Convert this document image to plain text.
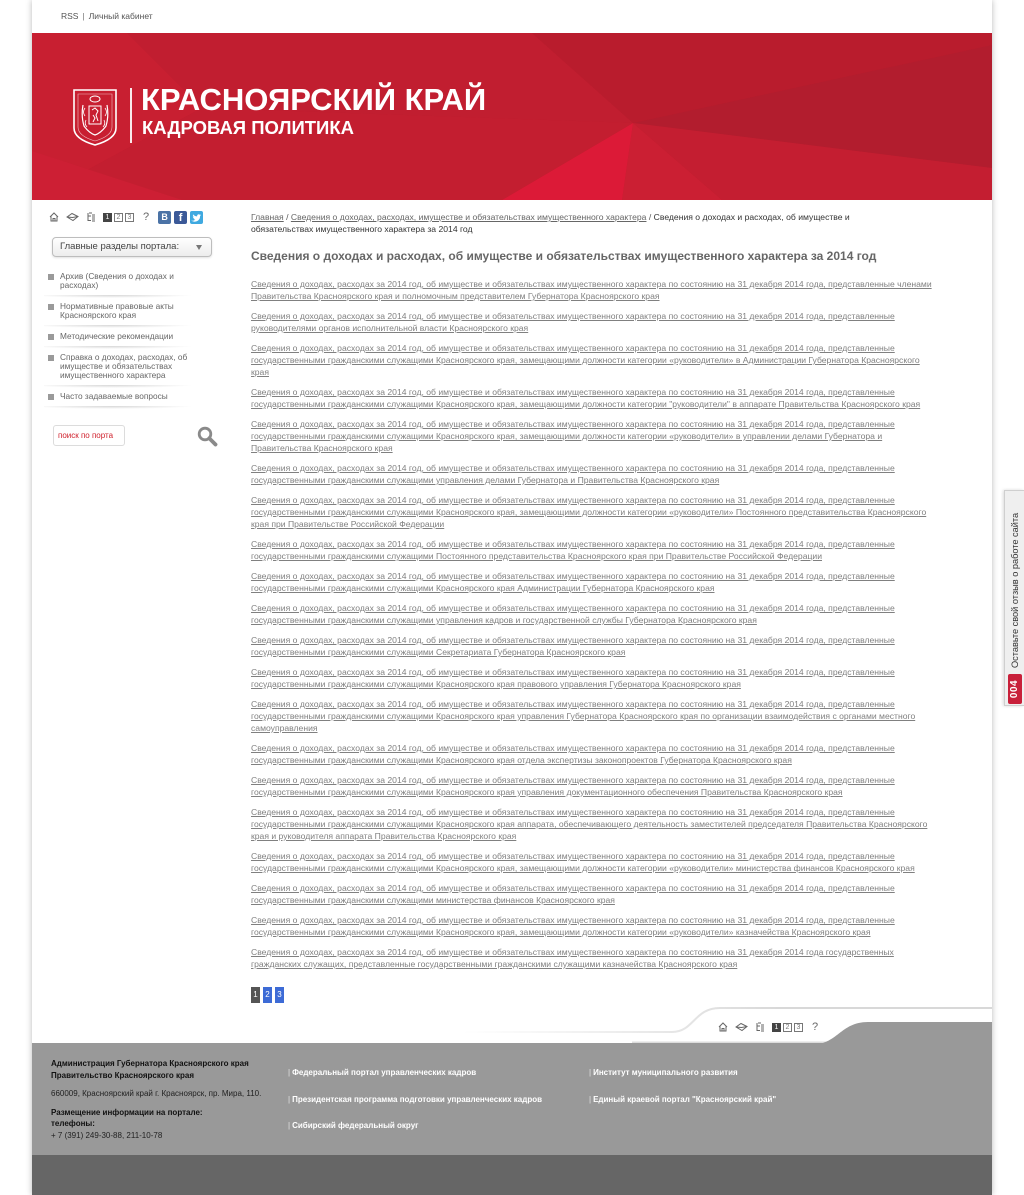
RSS | Личный кабинет
КРАСНОЯРСКИЙ КРАЙ
КАДРОВАЯ ПОЛИТИКА
1	2	3 ?	В f
Главные разделы портала:
Архив (Сведения о доходах и расходах)
Нормативные правовые акты Красноярского края
Методические рекомендации
Справка о доходах, расходах, об имуществе и обязательствах имущественного характера
Часто задаваемые вопросы
поиск по порта
Главная / Сведения о доходах, расходах, имуществе и обязательствах имущественного характера / Сведения о доходах и расходах, об имуществе и обязательствах имущественного характера за 2014 год
Сведения о доходах и расходах, об имуществе и обязательствах имущественного характера за 2014 год
Сведения о доходах, расходах за 2014 год, об имуществе и обязательствах имущественного характера по состоянию на 31 декабря 2014 года, представленные членами
Правительства Красноярского края и полномочным представителем Губернатора Красноярского края
Сведения о доходах, расходах за 2014 год, об имуществе и обязательствах имущественного характера по состоянию на 31 декабря 2014 года, представленные
руководителями органов исполнительной власти Красноярского края
Сведения о доходах, расходах за 2014 год, об имуществе и обязательствах имущественного характера по состоянию на 31 декабря 2014 года, представленные
государственными гражданскими служащими Красноярского края, замещающими должности категории «руководители» в Администрации Губернатора Красноярского
края
Сведения о доходах, расходах за 2014 год, об имуществе и обязательствах имущественного характера по состоянию на 31 декабря 2014 года, представленные
государственными гражданскими служащими Красноярского края, замещающими должности категории "руководители" в аппарате Правительства Красноярского края
Сведения о доходах, расходах за 2014 год, об имуществе и обязательствах имущественного характера по состоянию на 31 декабря 2014 года, представленные
государственными гражданскими служащими Красноярского края, замещающими должности категории «руководители» в управлении делами Губернатора и
Правительства Красноярского края
Сведения о доходах, расходах за 2014 год, об имуществе и обязательствах имущественного характера по состоянию на 31 декабря 2014 года, представленные
государственными гражданскими служащими управления делами Губернатора и Правительства Красноярского края
Сведения о доходах, расходах за 2014 год, об имуществе и обязательствах имущественного характера по состоянию на 31 декабря 2014 года, представленные
государственными гражданскими служащими Красноярского края, замещающими должности категории «руководители» Постоянного представительства Красноярского
края при Правительстве Российской Федерации
Сведения о доходах, расходах за 2014 год, об имуществе и обязательствах имущественного характера по состоянию на 31 декабря 2014 года, представленные
государственными гражданскими служащими Постоянного представительства Красноярского края при Правительстве Российской Федерации
Сведения о доходах, расходах за 2014 год, об имуществе и обязательствах имущественного характера по состоянию на 31 декабря 2014 года, представленные
государственными гражданскими служащими Красноярского края Администрации Губернатора Красноярского края
Сведения о доходах, расходах за 2014 год, об имуществе и обязательствах имущественного характера по состоянию на 31 декабря 2014 года, представленные
государственными гражданскими служащими управления кадров и государственной службы Губернатора Красноярского края
Сведения о доходах, расходах за 2014 год, об имуществе и обязательствах имущественного характера по состоянию на 31 декабря 2014 года, представленные
государственными гражданскими служащими Секретариата Губернатора Красноярского края
Сведения о доходах, расходах за 2014 год, об имуществе и обязательствах имущественного характера по состоянию на 31 декабря 2014 года, представленные
государственными гражданскими служащими Красноярского края правового управления Губернатора Красноярского края
Сведения о доходах, расходах за 2014 год, об имуществе и обязательствах имущественного характера по состоянию на 31 декабря 2014 года, представленные
государственными гражданскими служащими Красноярского края управления Губернатора Красноярского края по организации взаимодействия с органами местного
самоуправления
Сведения о доходах, расходах за 2014 год, об имуществе и обязательствах имущественного характера по состоянию на 31 декабря 2014 года, представленные
государственными гражданскими служащими Красноярского края отдела экспертизы законопроектов Губернатора Красноярского края
Сведения о доходах, расходах за 2014 год, об имуществе и обязательствах имущественного характера по состоянию на 31 декабря 2014 года, представленные
государственными гражданскими служащими Красноярского края управления документационного обеспечения Правительства Красноярского края
Сведения о доходах, расходах за 2014 год, об имуществе и обязательствах имущественного характера по состоянию на 31 декабря 2014 года, представленные
государственными гражданскими служащими Красноярского края аппарата, обеспечивающего деятельность заместителей председателя Правительства Красноярского
края и руководителя аппарата Правительства Красноярского края
Сведения о доходах, расходах за 2014 год, об имуществе и обязательствах имущественного характера по состоянию на 31 декабря 2014 года, представленные
государственными гражданскими служащими Красноярского края, замещающими должности категории «руководители» министерства финансов Красноярского края
Сведения о доходах, расходах за 2014 год, об имуществе и обязательствах имущественного характера по состоянию на 31 декабря 2014 года, представленные
государственными гражданскими служащими министерства финансов Красноярского края
Сведения о доходах, расходах за 2014 год, об имуществе и обязательствах имущественного характера по состоянию на 31 декабря 2014 года, представленные
государственными гражданскими служащими Красноярского края, замещающими должности категории «руководители» казначейства Красноярского края
Сведения о доходах, расходах за 2014 год, об имуществе и обязательствах имущественного характера по состоянию на 31 декабря 2014 года государственных
гражданских служащих, представленные государственными гражданскими служащими казначейства Красноярского края
1 2 3
1	2	3 ?
Администрация Губернатора Красноярского края
Правительство Красноярского края
660009, Красноярский край г. Красноярск, пр. Мира, 110.
Размещение информации на портале:
телефоны:
+ 7 (391) 249-30-88, 211-10-78
| Федеральный портал управленческих кадров
| Президентская программа подготовки управленческих кадров
| Сибирский федеральный округ
| Институт муниципального развития
| Единый краевой портал "Красноярский край"
004
Оставьте свой отзыв о работе сайта
